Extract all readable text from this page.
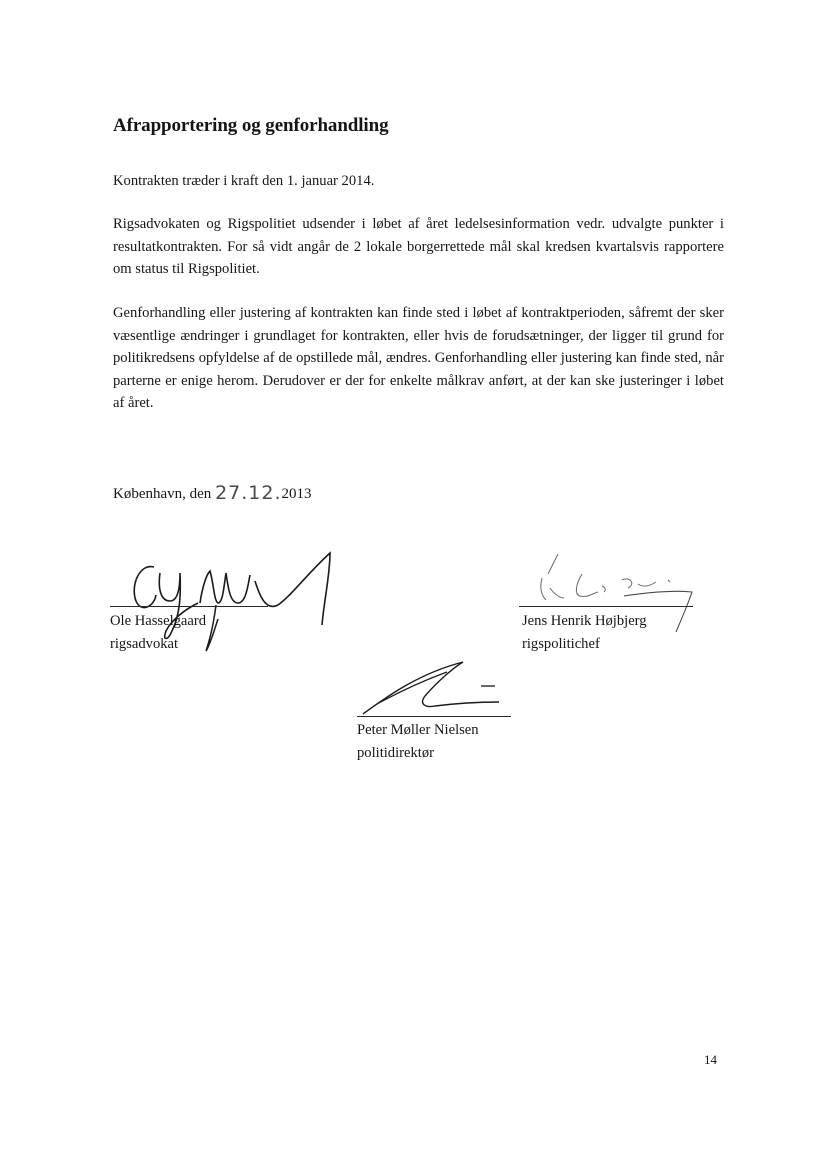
Afrapportering og genforhandling

Kontrakten træder i kraft den 1. januar 2014.

Rigsadvokaten og Rigspolitiet udsender i løbet af året ledelsesinformation vedr. udvalgte punkter i resultatkontrakten. For så vidt angår de 2 lokale borgerrettede mål skal kredsen kvartalsvis rapportere om status til Rigspolitiet.

Genforhandling eller justering af kontrakten kan finde sted i løbet af kontraktperioden, såfremt der sker væsentlige ændringer i grundlaget for kontrakten, eller hvis de forudsætninger, der ligger til grund for politikredsens opfyldelse af de opstillede mål, ændres. Genforhandling eller justering kan finde sted, når parterne er enige herom. Derudover er der for enkelte målkrav anført, at der kan ske justeringer i løbet af året.

København, den 27.12.2013
Ole Hasselgaard
rigsadvokat
Jens Henrik Højbjerg
rigspolitichef
Peter Møller Nielsen
politidirektør
14
